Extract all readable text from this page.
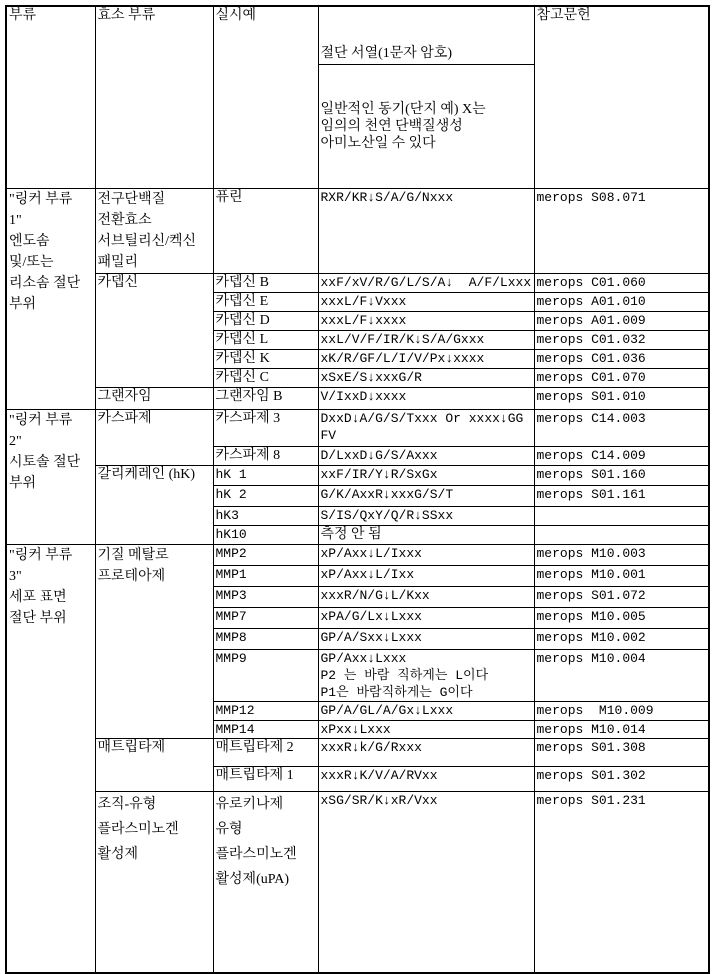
부류	효소 부류	실시예	절단 서열(1문자 암호)

일반적인 동기(단지 예) X는
임의의 천연 단백질생성
아미노산일 수 있다	참고문헌
"링커 부류
1"
엔도솜
및/또는
리소솜 절단
부위	전구단백질
전환효소
서브틸리신/켁신
패밀리	퓨린	RXR/KR↓S/A/G/Nxxx	merops S08.071
	카뎁신	카뎁신 B	xxF/xV/R/G/L/S/A↓  A/F/Lxxx	merops C01.060
		카뎁신 E	xxxL/F↓Vxxx	merops A01.010
		카뎁신 D	xxxL/F↓xxxx	merops A01.009
		카뎁신 L	xxL/V/F/IR/K↓S/A/Gxxx	merops C01.032
		카뎁신 K	xK/R/GF/L/I/V/Px↓xxxx	merops C01.036
		카뎁신 C	xSxE/S↓xxxG/R	merops C01.070
	그랜자임	그랜자임 B	V/IxxD↓xxxx	merops S01.010
"링커 부류
2"
시토솔 절단
부위	카스파제	카스파제 3	DxxD↓A/G/S/Txxx Or xxxx↓GG
FV	merops C14.003
		카스파제 8	D/LxxD↓G/S/Axxx	merops C14.009
	갈리케레인 (hK)	hK 1	xxF/IR/Y↓R/SxGx	merops S01.160
		hK 2	G/K/AxxR↓xxxG/S/T	merops S01.161
		hK3	S/IS/QxY/Q/R↓SSxx	
		hK10	측정 안 됨	
"링커 부류
3"
세포 표면
절단 부위	기질 메탈로
프로테아제	MMP2	xP/Axx↓L/Ixxx	merops M10.003
		MMP1	xP/Axx↓L/Ixx	merops M10.001
		MMP3	xxxR/N/G↓L/Kxx	merops S01.072
		MMP7	xPA/G/Lx↓Lxxx	merops M10.005
		MMP8	GP/A/Sxx↓Lxxx	merops M10.002
		MMP9	GP/Axx↓Lxxx
P2 는 바람 직하게는 L이다
P1은 바람직하게는 G이다	merops M10.004
		MMP12	GP/A/GL/A/Gx↓Lxxx	merops  M10.009
		MMP14	xPxx↓Lxxx	merops M10.014
	매트립타제	매트립타제 2	xxxR↓k/G/Rxxx	merops S01.308
		매트립타제 1	xxxR↓K/V/A/RVxx	merops S01.302
	조직-유형
플라스미노겐
활성제	유로키나제
유형
플라스미노겐
활성제(uPA)	xSG/SR/K↓xR/Vxx	merops S01.231
